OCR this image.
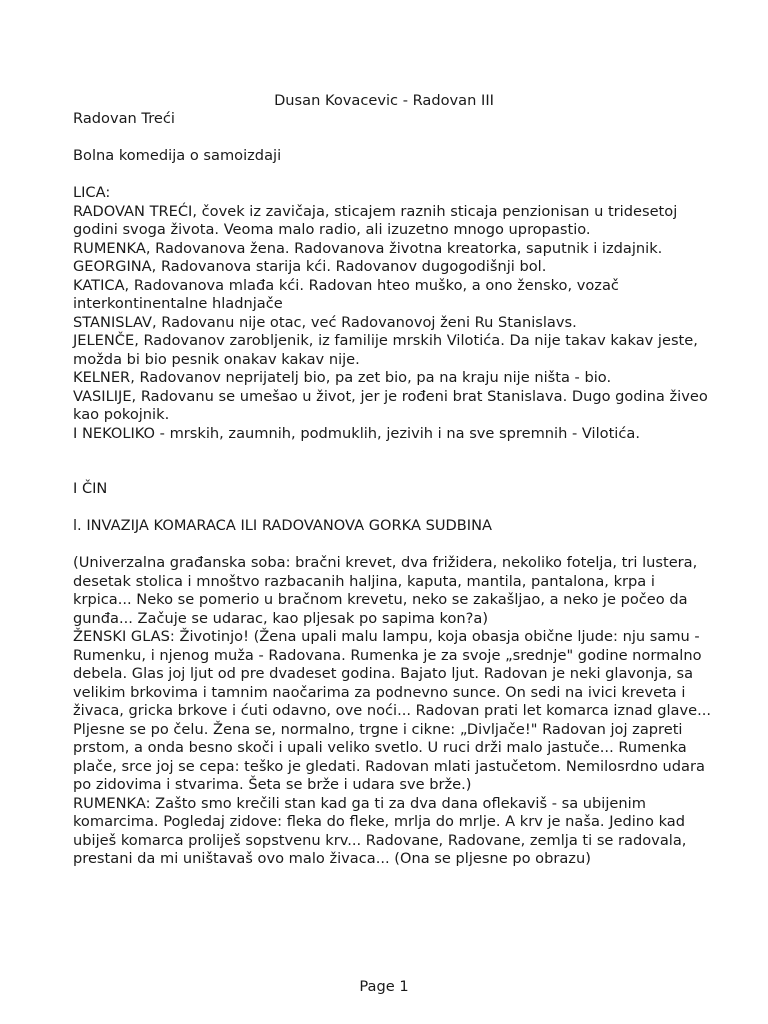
Dusan Kovacevic - Radovan III

Radovan Treći

Bolna komedija o samoizdaji

LICA:

RADOVAN TREĆI, čovek iz zavičaja, sticajem raznih sticaja penzionisan u tridesetoj godini svoga života. Veoma malo radio, ali izuzetno mnogo upropastio.

RUMENKA, Radovanova žena. Radovanova životna kreatorka, saputnik i izdajnik.

GEORGINA, Radovanova starija kći. Radovanov dugogodišnji bol.

KATICA, Radovanova mlađa kći. Radovan hteo muško, a ono žensko, vozač interkontinentalne hladnjače

STANISLAV, Radovanu nije otac, već Radovanovoj ženi Ru Stanislavs.

JELENČE, Radovanov zarobljenik, iz familije mrskih Vilotića. Da nije takav kakav jeste, možda bi bio pesnik onakav kakav nije.

KELNER, Radovanov neprijatelj bio, pa zet bio, pa na kraju nije ništa - bio.

VASILIJE, Radovanu se umešao u život, jer je rođeni brat Stanislava. Dugo godina živeo kao pokojnik.

I NEKOLIKO - mrskih, zaumnih, podmuklih, jezivih i na sve spremnih - Vilotića.

I ČIN

l. INVAZIJA KOMARACA ILI RADOVANOVA GORKA SUDBINA

(Univerzalna građanska soba: bračni krevet, dva frižidera, nekoliko fotelja, tri lustera, desetak stolica i mnoštvo razbacanih haljina, kaputa, mantila, pantalona, krpa i krpica... Neko se pomerio u bračnom krevetu, neko se zakašljao, a neko je počeo da gunđa... Začuje se udarac, kao pljesak po sapima kon?a)

ŽENSKI GLAS: Životinjo! (Žena upali malu lampu, koja obasja obične ljude: nju samu - Rumenku, i njenog muža - Radovana. Rumenka je za svoje „srednje" godine normalno debela. Glas joj ljut od pre dvadeset godina. Bajato ljut. Radovan je neki glavonja, sa velikim brkovima i tamnim naočarima za podnevno sunce. On sedi na ivici kreveta i živaca, gricka brkove i ćuti odavno, ove noći... Radovan prati let komarca iznad glave... Pljesne se po čelu. Žena se, normalno, trgne i cikne: „Divljače!" Radovan joj zapreti prstom, a onda besno skoči i upali veliko svetlo. U ruci drži malo jastuče... Rumenka plače, srce joj se cepa: teško je gledati. Radovan mlati jastučetom. Nemilosrdno udara po zidovima i stvarima. Šeta se brže i udara sve brže.)

RUMENKA: Zašto smo krečili stan kad ga ti za dva dana oflekaviš - sa ubijenim komarcima. Pogledaj zidove: fleka do fleke, mrlja do mrlje. A krv je naša. Jedino kad ubiješ komarca proliješ sopstvenu krv... Radovane, Radovane, zemlja ti se radovala, prestani da mi uništavaš ovo malo živaca... (Ona se pljesne po obrazu)

Page 1
